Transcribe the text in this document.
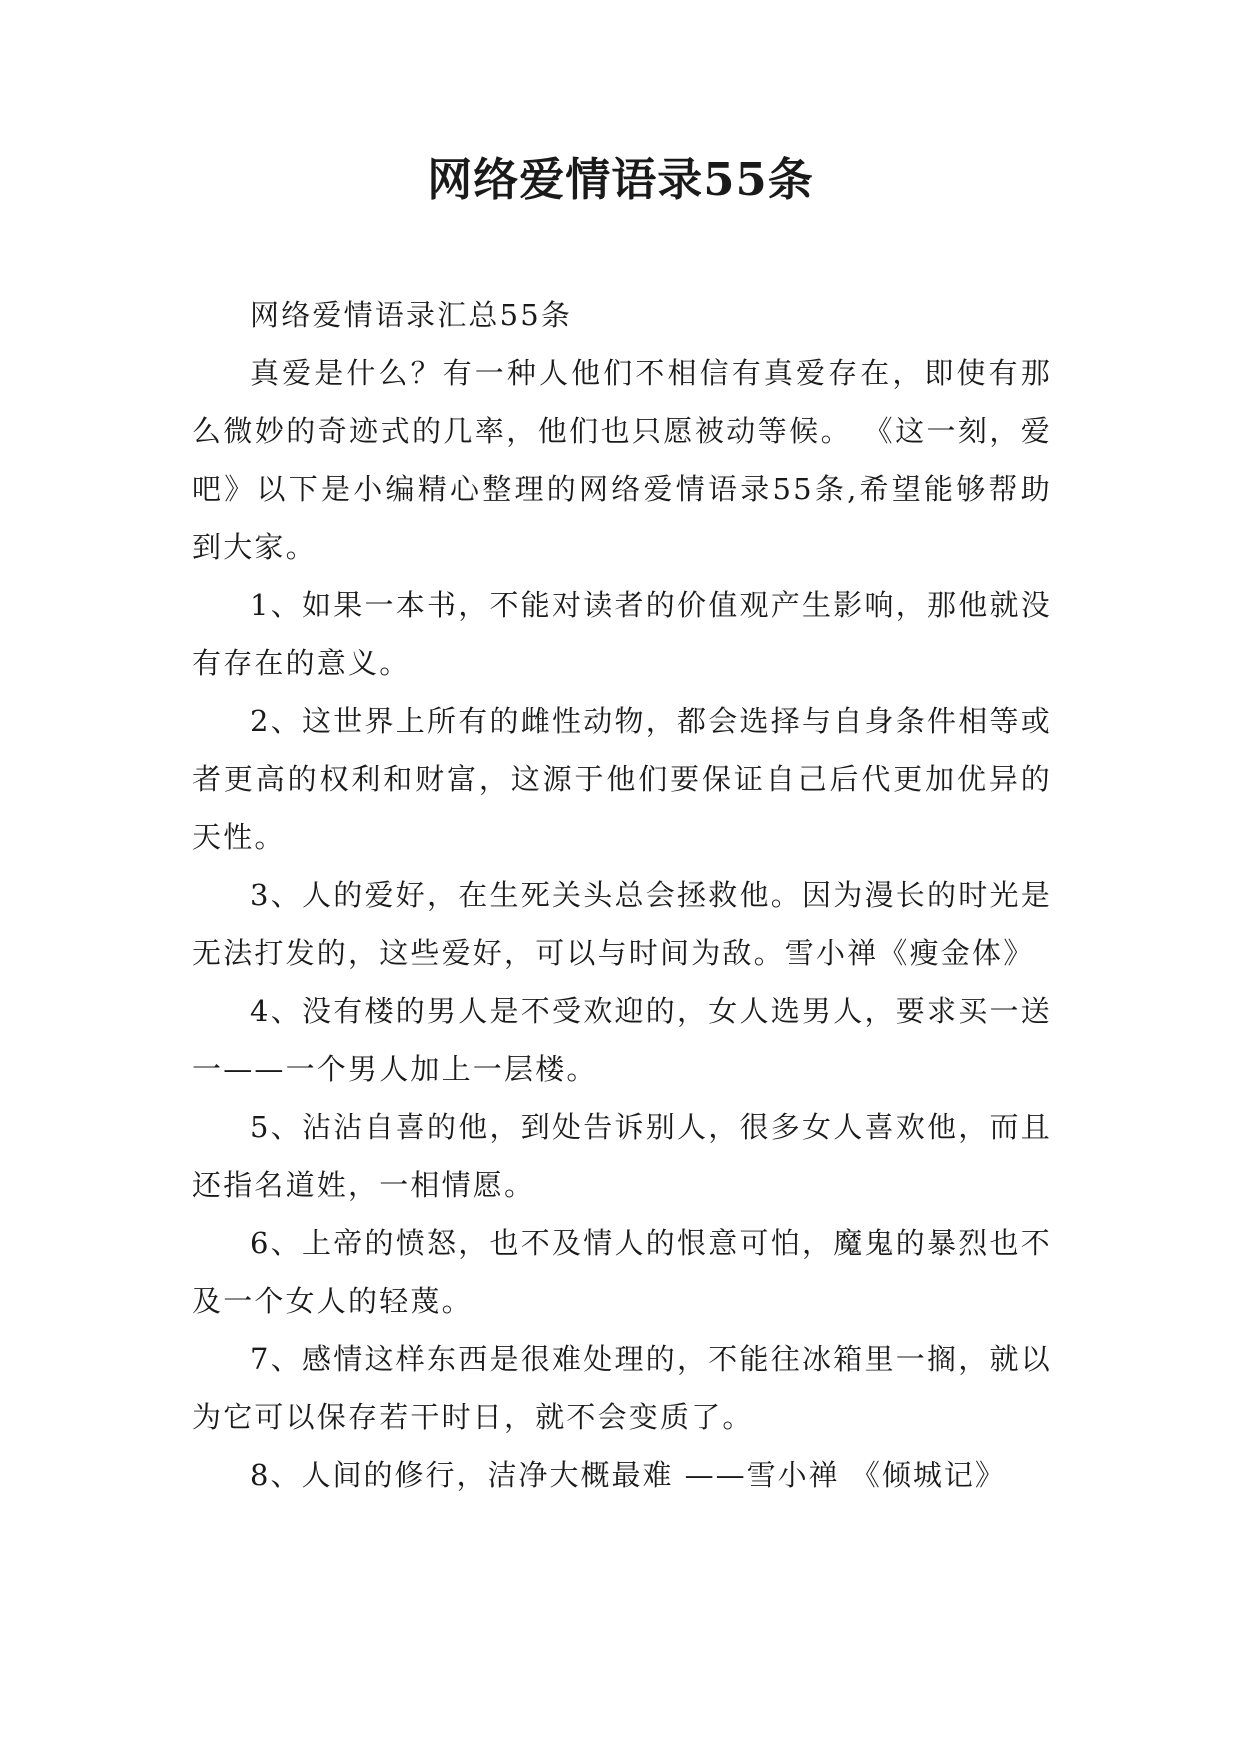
网络爱情语录55条

网络爱情语录汇总55条

真爱是什么？有一种人他们不相信有真爱存在，即使有那么微妙的奇迹式的几率，他们也只愿被动等候。 《这一刻，爱吧》以下是小编精心整理的网络爱情语录55条,希望能够帮助到大家。

1、如果一本书，不能对读者的价值观产生影响，那他就没有存在的意义。

2、这世界上所有的雌性动物，都会选择与自身条件相等或者更高的权利和财富，这源于他们要保证自己后代更加优异的天性。

3、人的爱好，在生死关头总会拯救他。因为漫长的时光是无法打发的，这些爱好，可以与时间为敌。雪小禅《瘦金体》

4、没有楼的男人是不受欢迎的，女人选男人，要求买一送一——一个男人加上一层楼。

5、沾沾自喜的他，到处告诉别人，很多女人喜欢他，而且还指名道姓，一相情愿。

6、上帝的愤怒，也不及情人的恨意可怕，魔鬼的暴烈也不及一个女人的轻蔑。

7、感情这样东西是很难处理的，不能往冰箱里一搁，就以为它可以保存若干时日，就不会变质了。

8、人间的修行，洁净大概最难 ——雪小禅 《倾城记》
